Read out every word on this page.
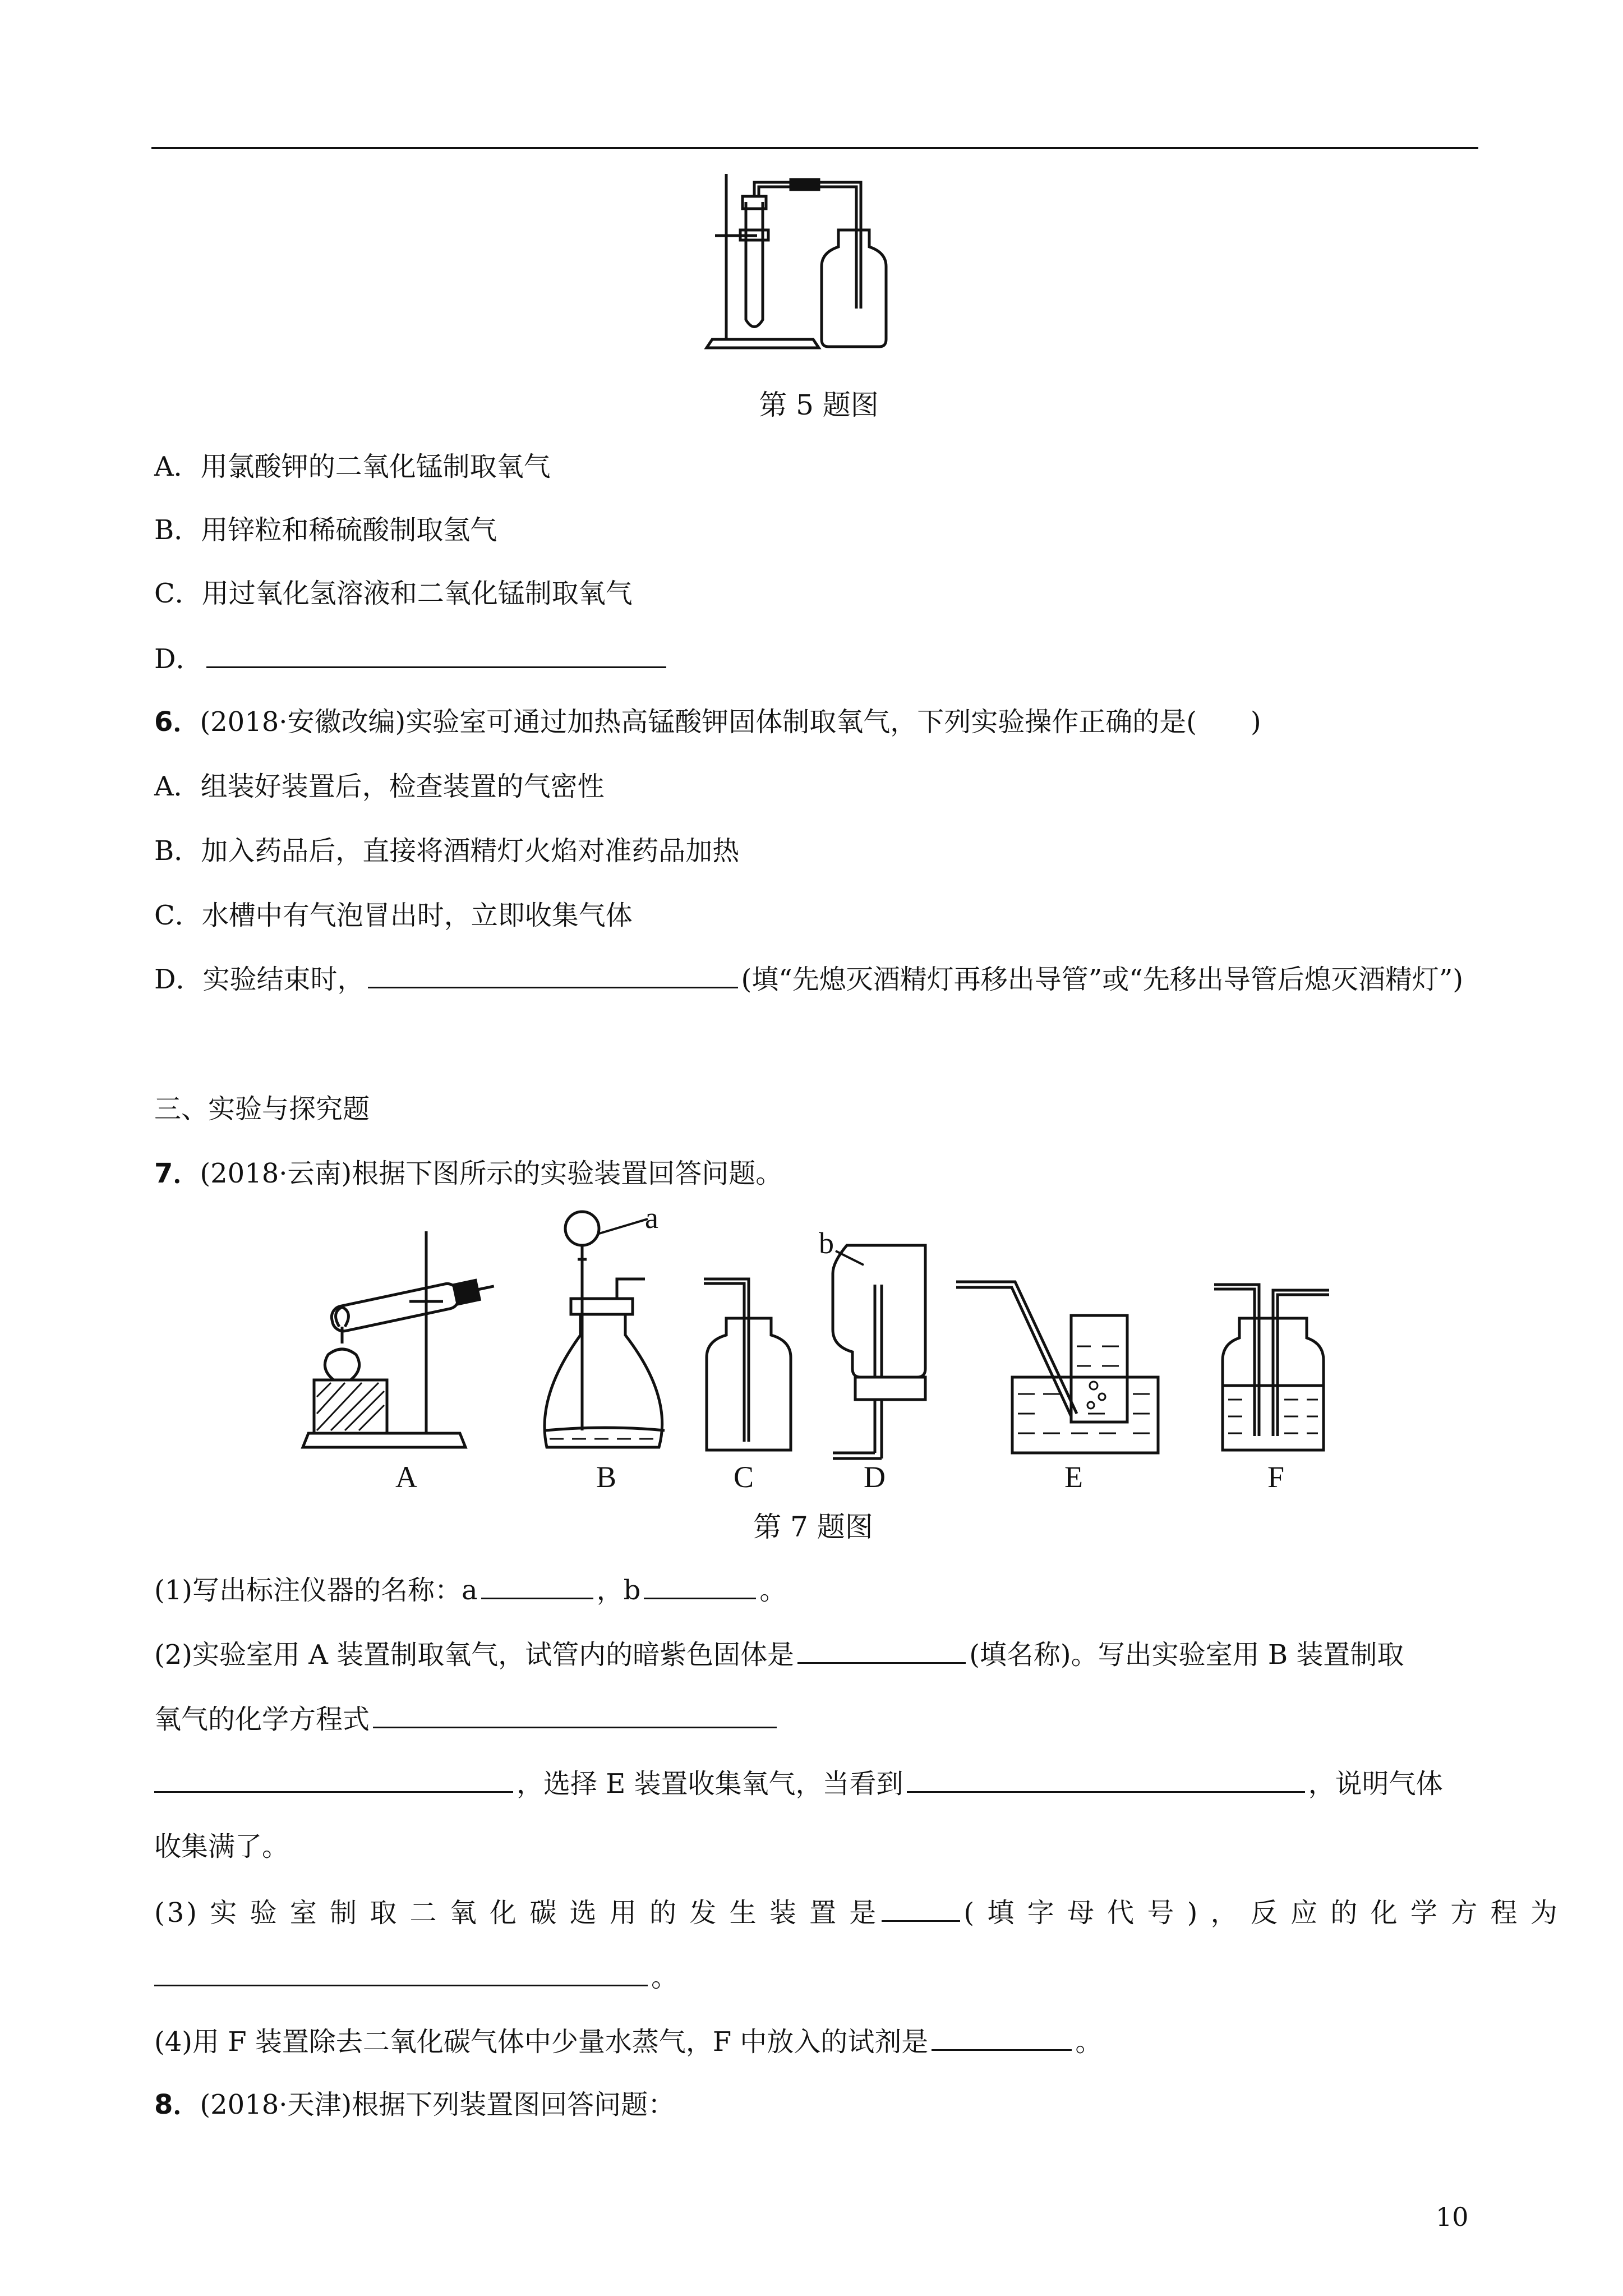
第 5 题图
A．用氯酸钾的二氧化锰制取氧气
B．用锌粒和稀硫酸制取氢气
C．用过氧化氢溶液和二氧化锰制取氧气
D．
6．(2018·安徽改编)实验室可通过加热高锰酸钾固体制取氧气，下列实验操作正确的是(　　)
A．组装好装置后，检查装置的气密性
B．加入药品后，直接将酒精灯火焰对准药品加热
C．水槽中有气泡冒出时，立即收集气体
D．实验结束时，	(填“先熄灭酒精灯再移出导管”或“先移出导管后熄灭酒精灯”)
三、实验与探究题
7．(2018·云南)根据下图所示的实验装置回答问题。
a
b
A	B	C	D	E	F
第 7 题图
(1)写出标注仪器的名称：a	，b	。
(2)实验室用 A 装置制取氧气，试管内的暗紫色固体是	(填名称)。写出实验室用 B 装置制取
氧气的化学方程式
，选择 E 装置收集氧气，当看到	，说明气体
收集满了。
(3) 实 验 室 制 取 二 氧 化 碳 选 用 的 发 生 装 置 是	( 填 字 母 代 号 ) ， 反 应 的 化 学 方 程 为
。
(4)用 F 装置除去二氧化碳气体中少量水蒸气，F 中放入的试剂是	。
8．(2018·天津)根据下列装置图回答问题：
10
